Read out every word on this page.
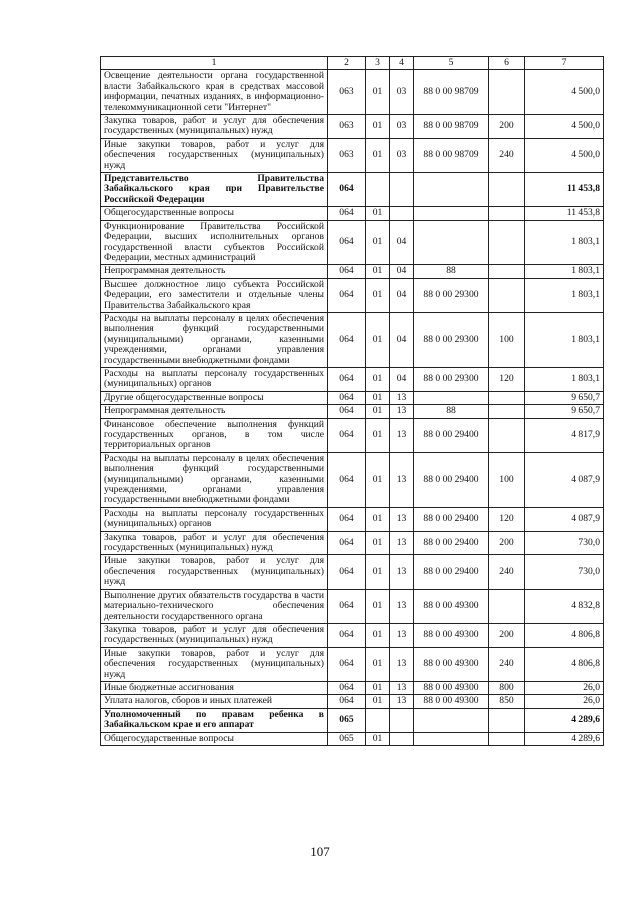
1	2	3	4	5	6	7
Освещение деятельности органа государственной власти Забайкальского края в средствах массовой информации, печатных изданиях, в информационно-телекоммуникационной сети "Интернет"	063	01	03	88 0 00 98709		4 500,0
Закупка товаров, работ и услуг для обеспечения государственных (муниципальных) нужд	063	01	03	88 0 00 98709	200	4 500,0
Иные закупки товаров, работ и услуг для обеспечения государственных (муниципальных) нужд	063	01	03	88 0 00 98709	240	4 500,0
Представительство Правительства Забайкальского края при Правительстве Российской Федерации	064					11 453,8
Общегосударственные вопросы	064	01				11 453,8
Функционирование Правительства Российской Федерации, высших исполнительных органов государственной власти субъектов Российской Федерации, местных администраций	064	01	04			1 803,1
Непрограммная деятельность	064	01	04	88		1 803,1
Высшее должностное лицо субъекта Российской Федерации, его заместители и отдельные члены Правительства Забайкальского края	064	01	04	88 0 00 29300		1 803,1
Расходы на выплаты персоналу в целях обеспечения выполнения функций государственными (муниципальными) органами, казенными учреждениями, органами управления государственными внебюджетными фондами	064	01	04	88 0 00 29300	100	1 803,1
Расходы на выплаты персоналу государственных (муниципальных) органов	064	01	04	88 0 00 29300	120	1 803,1
Другие общегосударственные вопросы	064	01	13			9 650,7
Непрограммная деятельность	064	01	13	88		9 650,7
Финансовое обеспечение выполнения функций государственных органов, в том числе территориальных органов	064	01	13	88 0 00 29400		4 817,9
Расходы на выплаты персоналу в целях обеспечения выполнения функций государственными (муниципальными) органами, казенными учреждениями, органами управления государственными внебюджетными фондами	064	01	13	88 0 00 29400	100	4 087,9
Расходы на выплаты персоналу государственных (муниципальных) органов	064	01	13	88 0 00 29400	120	4 087,9
Закупка товаров, работ и услуг для обеспечения государственных (муниципальных) нужд	064	01	13	88 0 00 29400	200	730,0
Иные закупки товаров, работ и услуг для обеспечения государственных (муниципальных) нужд	064	01	13	88 0 00 29400	240	730,0
Выполнение других обязательств государства в части материально-технического обеспечения деятельности государственного органа	064	01	13	88 0 00 49300		4 832,8
Закупка товаров, работ и услуг для обеспечения государственных (муниципальных) нужд	064	01	13	88 0 00 49300	200	4 806,8
Иные закупки товаров, работ и услуг для обеспечения государственных (муниципальных) нужд	064	01	13	88 0 00 49300	240	4 806,8
Иные бюджетные ассигнования	064	01	13	88 0 00 49300	800	26,0
Уплата налогов, сборов и иных платежей	064	01	13	88 0 00 49300	850	26,0
Уполномоченный по правам ребенка в Забайкальском крае и его аппарат	065					4 289,6
Общегосударственные вопросы	065	01				4 289,6
107
